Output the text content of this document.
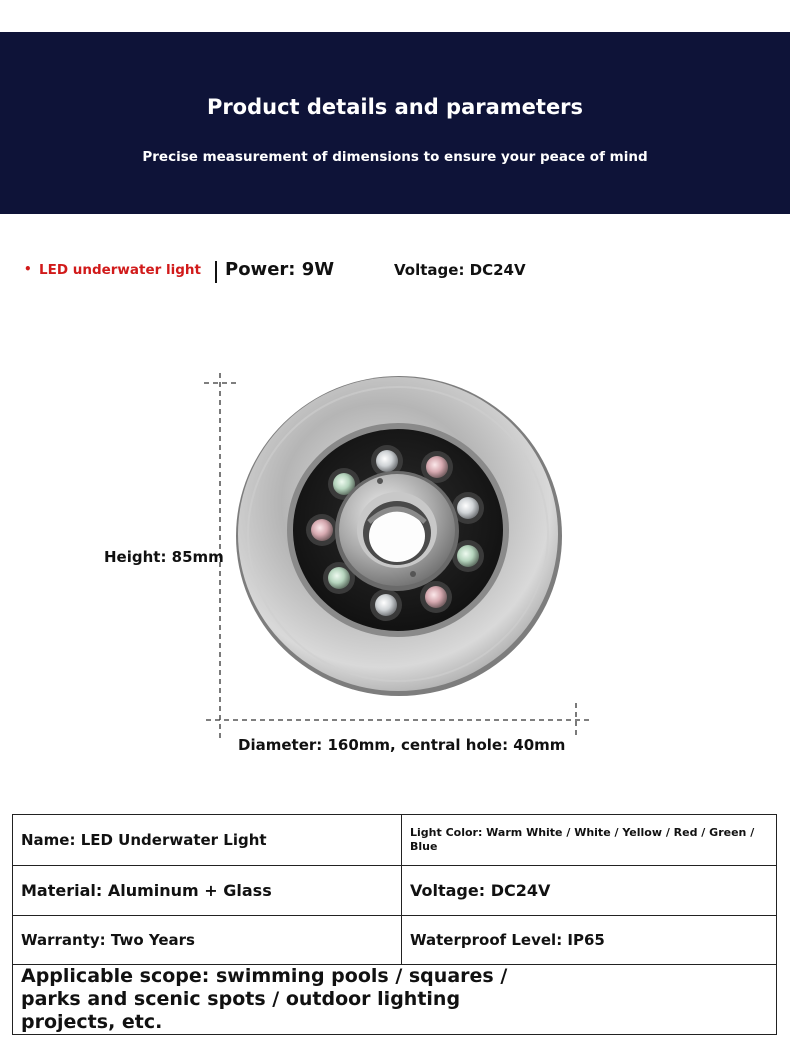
Product details and parameters
Precise measurement of dimensions to ensure your peace of mind
• LED underwater light Power: 9W	Voltage: DC24V
Height: 85mm
Diameter: 160mm, central hole: 40mm
Name: LED Underwater Light	Light Color: Warm White / White / Yellow / Red / Green / Blue
Material: Aluminum + Glass	Voltage: DC24V
Warranty: Two Years	Waterproof Level: IP65

Applicable scope: swimming pools / squares / parks and scenic spots / outdoor lighting projects, etc.	
